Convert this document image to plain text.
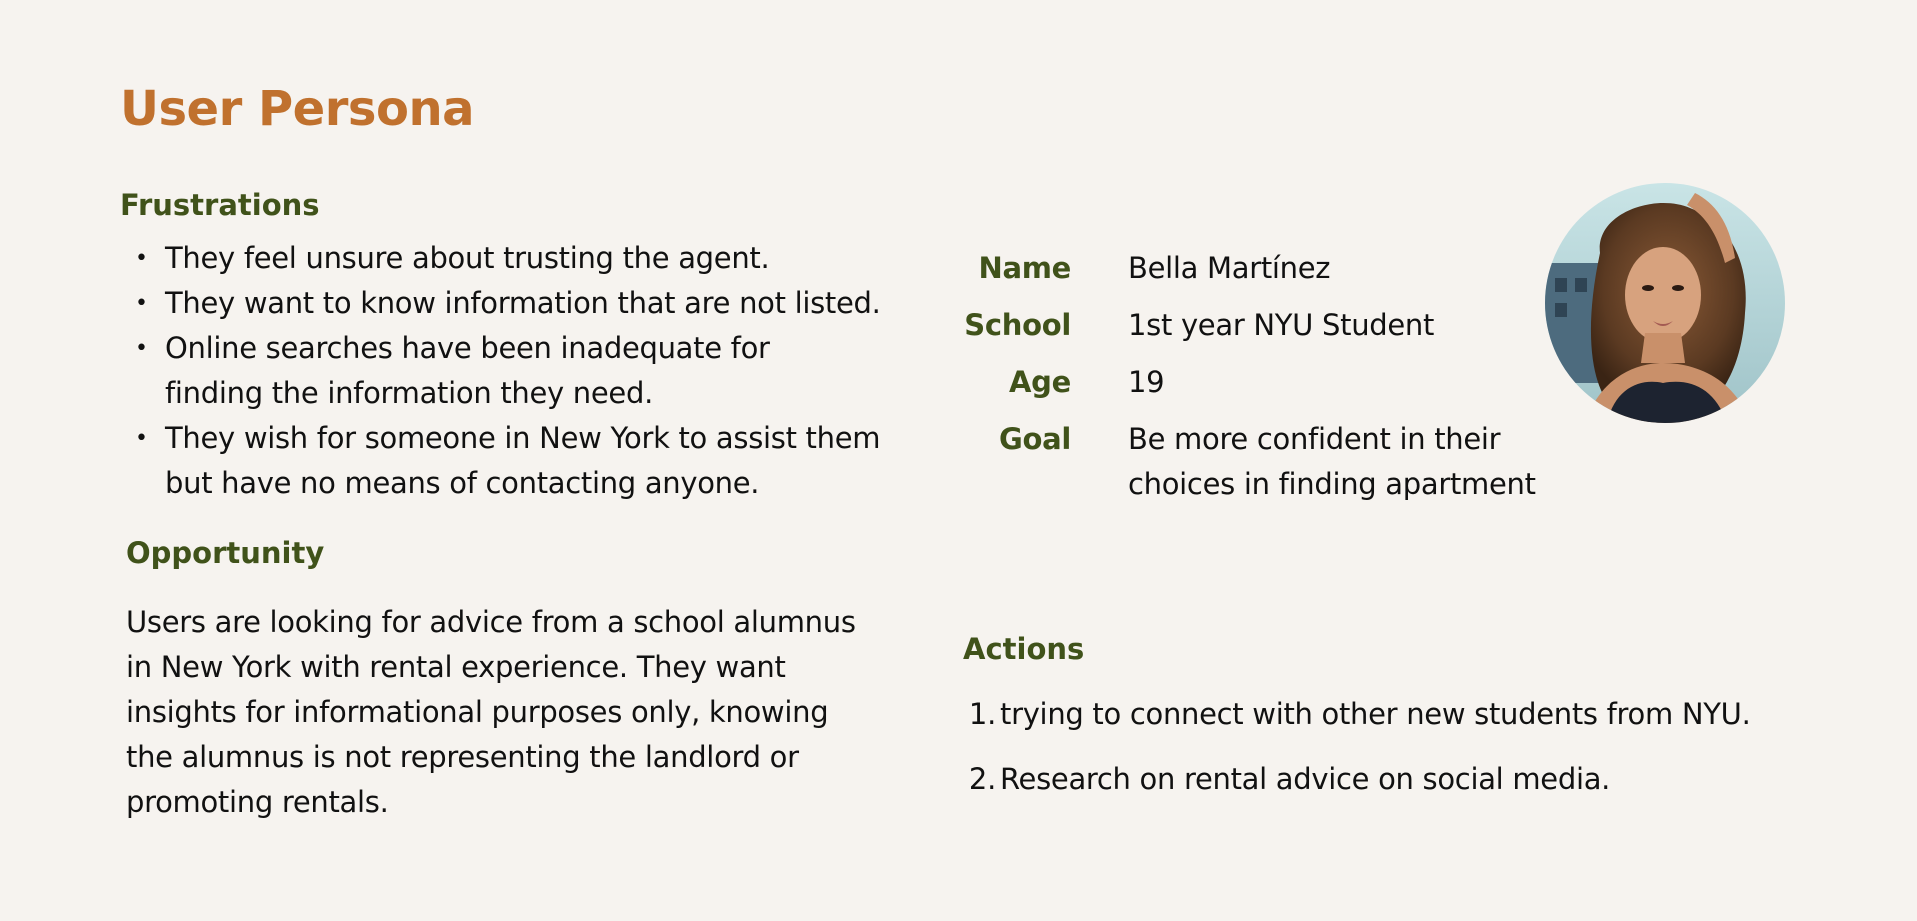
User Persona
Frustrations
• They feel unsure about trusting the agent.
• They want to know information that are not listed.
• Online searches have been inadequate for
finding the information they need.
• They wish for someone in New York to assist them
but have no means of contacting anyone.
Opportunity

Users are looking for advice from a school alumnus
in New York with rental experience. They want
insights for informational purposes only, knowing
the alumnus is not representing the landlord or
promoting rentals.

Name Bella Martínez
School 1st year NYU Student
Age 19
Goal Be more confident in their
choices in finding apartment
Actions
1. trying to connect with other new students from NYU.
2. Research on rental advice on social media.
